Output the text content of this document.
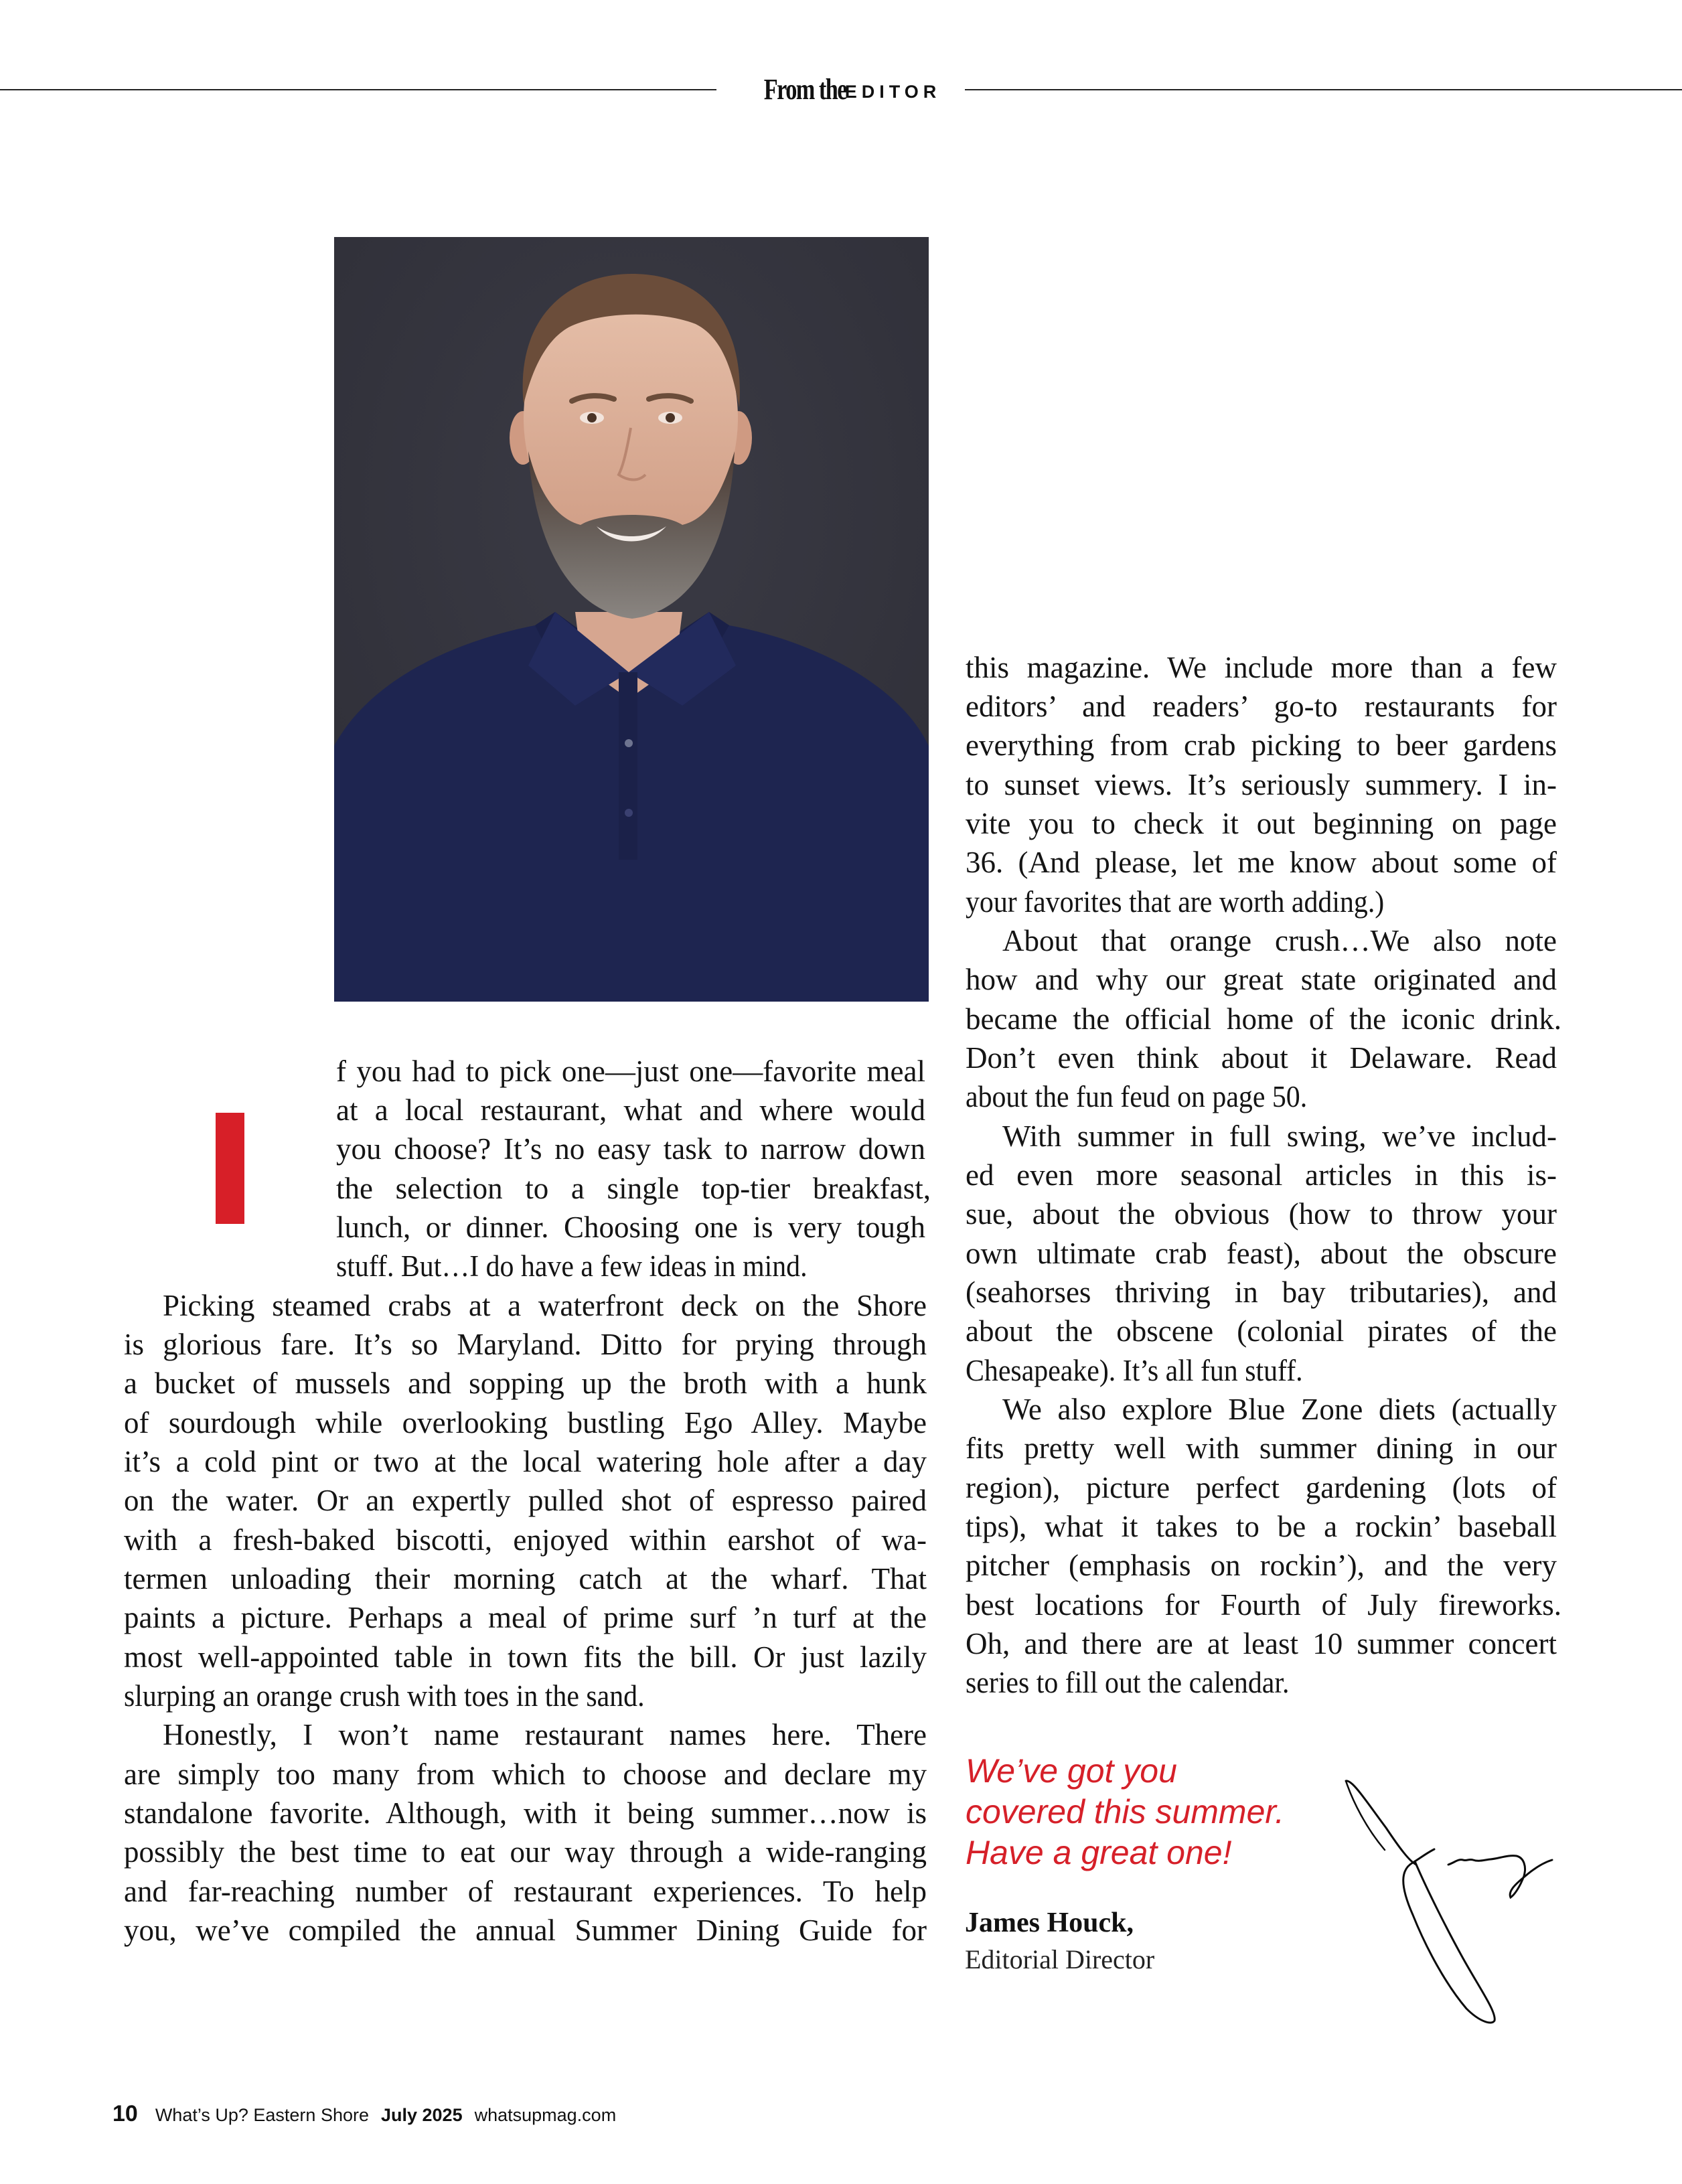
From the
EDITOR
f you had to pick one—just one—favorite meal
at a local restaurant, what and where would
you choose? It’s no easy task to narrow down
the selection to a single top-tier breakfast,
lunch, or dinner. Choosing one is very tough
stuff. But…I do have a few ideas in mind.
Picking steamed crabs at a waterfront deck on the Shore
is glorious fare. It’s so Maryland. Ditto for prying through
a bucket of mussels and sopping up the broth with a hunk
of sourdough while overlooking bustling Ego Alley. Maybe
it’s a cold pint or two at the local watering hole after a day
on the water. Or an expertly pulled shot of espresso paired
with a fresh-baked biscotti, enjoyed within earshot of wa-
termen unloading their morning catch at the wharf. That
paints a picture. Perhaps a meal of prime surf ’n turf at the
most well-appointed table in town fits the bill. Or just lazily
slurping an orange crush with toes in the sand.
Honestly, I won’t name restaurant names here. There
are simply too many from which to choose and declare my
standalone favorite. Although, with it being summer…now is
possibly the best time to eat our way through a wide-ranging
and far-reaching number of restaurant experiences. To help
you, we’ve compiled the annual Summer Dining Guide for
this magazine. We include more than a few
editors’ and readers’ go-to restaurants for
everything from crab picking to beer gardens
to sunset views. It’s seriously summery. I in-
vite you to check it out beginning on page
36. (And please, let me know about some of
your favorites that are worth adding.)
About that orange crush…We also note
how and why our great state originated and
became the official home of the iconic drink.
Don’t even think about it Delaware. Read
about the fun feud on page 50.
With summer in full swing, we’ve includ-
ed even more seasonal articles in this is-
sue, about the obvious (how to throw your
own ultimate crab feast), about the obscure
(seahorses thriving in bay tributaries), and
about the obscene (colonial pirates of the
Chesapeake). It’s all fun stuff.
We also explore Blue Zone diets (actually
fits pretty well with summer dining in our
region), picture perfect gardening (lots of
tips), what it takes to be a rockin’ baseball
pitcher (emphasis on rockin’), and the very
best locations for Fourth of July fireworks.
Oh, and there are at least 10 summer concert
series to fill out the calendar.
We’ve got you
covered this summer.
Have a great one!
James Houck,
Editorial Director
10 What’s Up? Eastern Shore July 2025 whatsupmag.com
